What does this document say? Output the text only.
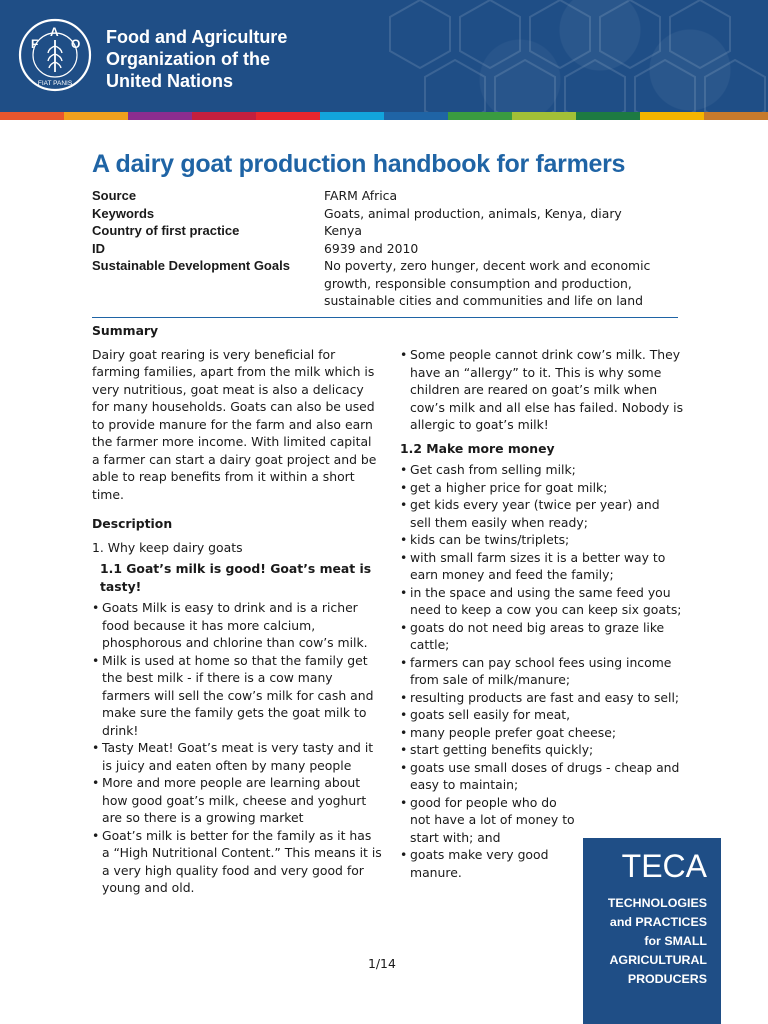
F
A
O
FIAT PANIS
Food and Agriculture
Organization of the
United Nations
A dairy goat production handbook for farmers
Source	FARM Africa
Keywords	Goats, animal production, animals, Kenya, diary
Country of first practice	Kenya
ID	6939 and 2010
Sustainable Development Goals	No poverty, zero hunger, decent work and economic growth, responsible consumption and production, sustainable cities and communities and life on land
Summary

Dairy goat rearing is very beneficial for farming families, apart from the milk which is very nutritious, goat meat is also a delicacy for many households. Goats can also be used to provide manure for the farm and also earn the farmer more income. With limited capital a farmer can start a dairy goat project and be able to reap benefits from it within a short time.

Description
1. Why keep dairy goats
1.1 Goat’s milk is good! Goat’s meat is tasty!
• Goats Milk is easy to drink and is a richer food because it has more calcium, phosphorous and chlorine than cow’s milk.
• Milk is used at home so that the family get the best milk - if there is a cow many farmers will sell the cow’s milk for cash and make sure the family gets the goat milk to drink!
• Tasty Meat! Goat’s meat is very tasty and it is juicy and eaten often by many people
• More and more people are learning about how good goat’s milk, cheese and yoghurt are so there is a growing market
• Goat’s milk is better for the family as it has a “High Nutritional Content.” This means it is a very high quality food and very good for young and old.
• Some people cannot drink cow’s milk. They have an “allergy” to it. This is why some children are reared on goat’s milk when cow’s milk and all else has failed. Nobody is allergic to goat’s milk!
1.2 Make more money
• Get cash from selling milk;
• get a higher price for goat milk;
• get kids every year (twice per year) and sell them easily when ready;
• kids can be twins/triplets;
• with small farm sizes it is a better way to earn money and feed the family;
• in the space and using the same feed you need to keep a cow you can keep six goats;
• goats do not need big areas to graze like cattle;
• farmers can pay school fees using income from sale of milk/manure;
• resulting products are fast and easy to sell;
• goats sell easily for meat,
• many people prefer goat cheese;
• start getting benefits quickly;
• goats use small doses of drugs - cheap and easy to maintain;
• good for people who do not have a lot of money to start with; and
• goats make very good manure.
1/14
TECA
TECHNOLOGIES
and PRACTICES
for SMALL
AGRICULTURAL
PRODUCERS
